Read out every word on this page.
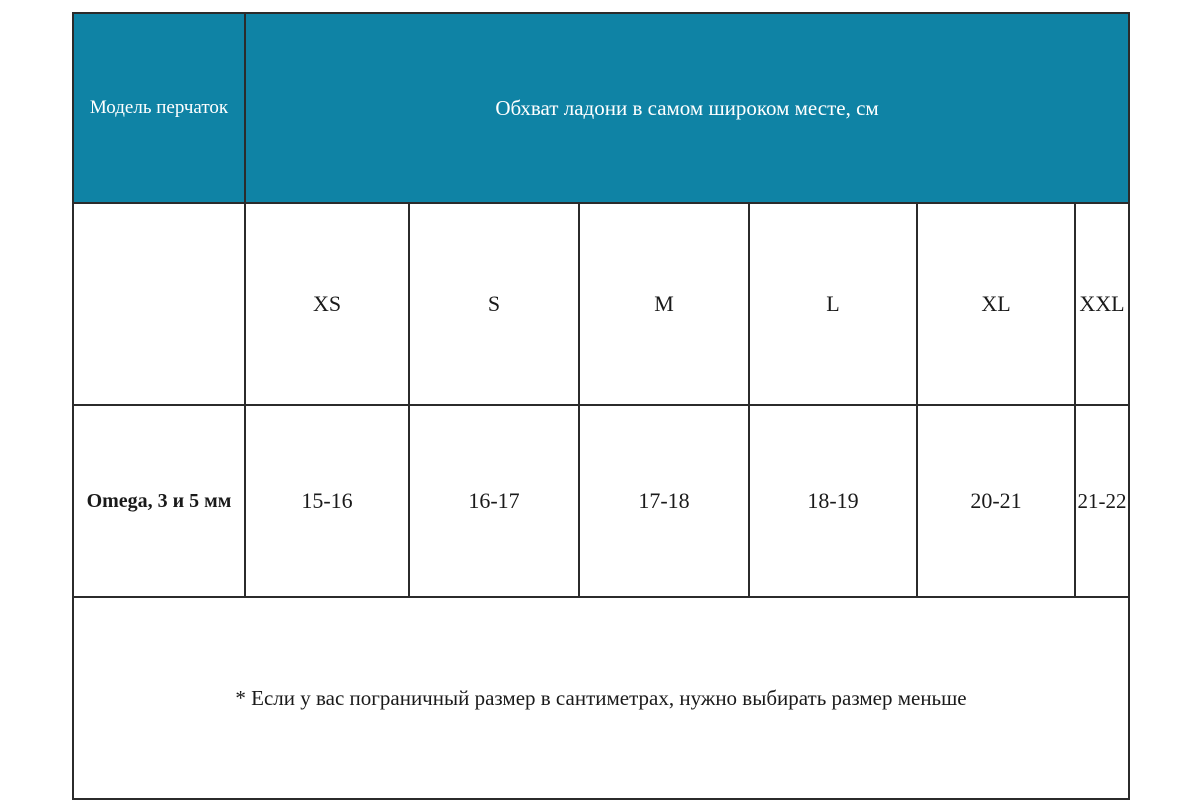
Модель перчаток	Обхват ладони в самом широком месте, см					
	XS	S	M	L	XL	XXL
Omega, 3 и 5 мм	15-16	16-17	17-18	18-19	20-21	21-22
* Если у вас пограничный размер в сантиметрах, нужно выбирать размер меньше						
